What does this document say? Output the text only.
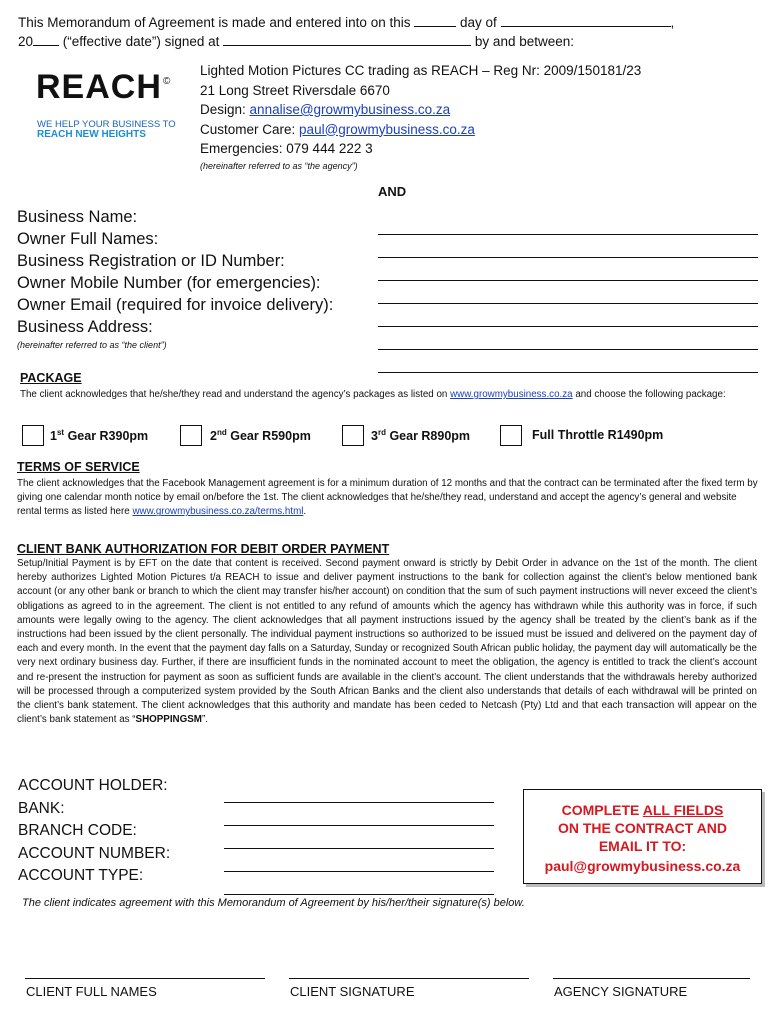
This Memorandum of Agreement is made and entered into on this	day of	,
20 (“effective date”) signed at	by and between:
REACH ©
WE HELP YOUR BUSINESS TO
REACH NEW HEIGHTS
Lighted Motion Pictures CC trading as REACH – Reg Nr: 2009/150181/23
21 Long Street Riversdale 6670
Design: annalise@growmybusiness.co.za
Customer Care: paul@growmybusiness.co.za
Emergencies: 079 444 222 3
(hereinafter referred to as “the agency”)
AND
Business Name:
Owner Full Names:
Business Registration or ID Number:
Owner Mobile Number (for emergencies):
Owner Email (required for invoice delivery):
Business Address:
(hereinafter referred to as “the client”)
PACKAGE
The client acknowledges that he/she/they read and understand the agency’s packages as listed on www.growmybusiness.co.za and choose the following package:
1st Gear R390pm	2nd Gear R590pm	3rd Gear R890pm	Full Throttle R1490pm
TERMS OF SERVICE
The client acknowledges that the Facebook Management agreement is for a minimum duration of 12 months and that the contract can be terminated after the fixed term by giving one calendar month notice by email on/before the 1st. The client acknowledges that he/she/they read, understand and accept the agency’s general and website rental terms as listed here www.growmybusiness.co.za/terms.html.
CLIENT BANK AUTHORIZATION FOR DEBIT ORDER PAYMENT
Setup/Initial Payment is by EFT on the date that content is received. Second payment onward is strictly by Debit Order in advance on the 1st of the month. The client hereby authorizes Lighted Motion Pictures t/a REACH to issue and deliver payment instructions to the bank for collection against the client’s below mentioned bank account (or any other bank or branch to which the client may transfer his/her account) on condition that the sum of such payment instructions will never exceed the client’s obligations as agreed to in the agreement. The client is not entitled to any refund of amounts which the agency has withdrawn while this authority was in force, if such amounts were legally owing to the agency. The client acknowledges that all payment instructions issued by the agency shall be treated by the client’s bank as if the instructions had been issued by the client personally. The individual payment instructions so authorized to be issued must be issued and delivered on the payment day of each and every month. In the event that the payment day falls on a Saturday, Sunday or recognized South African public holiday, the payment day will automatically be the very next ordinary business day. Further, if there are insufficient funds in the nominated account to meet the obligation, the agency is entitled to track the client’s account and re-present the instruction for payment as soon as sufficient funds are available in the client’s account. The client understands that the withdrawals hereby authorized will be processed through a computerized system provided by the South African Banks and the client also understands that details of each withdrawal will be printed on the client’s bank statement. The client acknowledges that this authority and mandate has been ceded to Netcash (Pty) Ltd and that each transaction will appear on the client’s bank statement as “SHOPPINGSM”.
ACCOUNT HOLDER:
BANK:
BRANCH CODE:
ACCOUNT NUMBER:
ACCOUNT TYPE:
COMPLETE ALL FIELDS
ON THE CONTRACT AND
EMAIL IT TO:
paul@growmybusiness.co.za
The client indicates agreement with this Memorandum of Agreement by his/her/their signature(s) below.
CLIENT FULL NAMES	CLIENT SIGNATURE	AGENCY SIGNATURE
